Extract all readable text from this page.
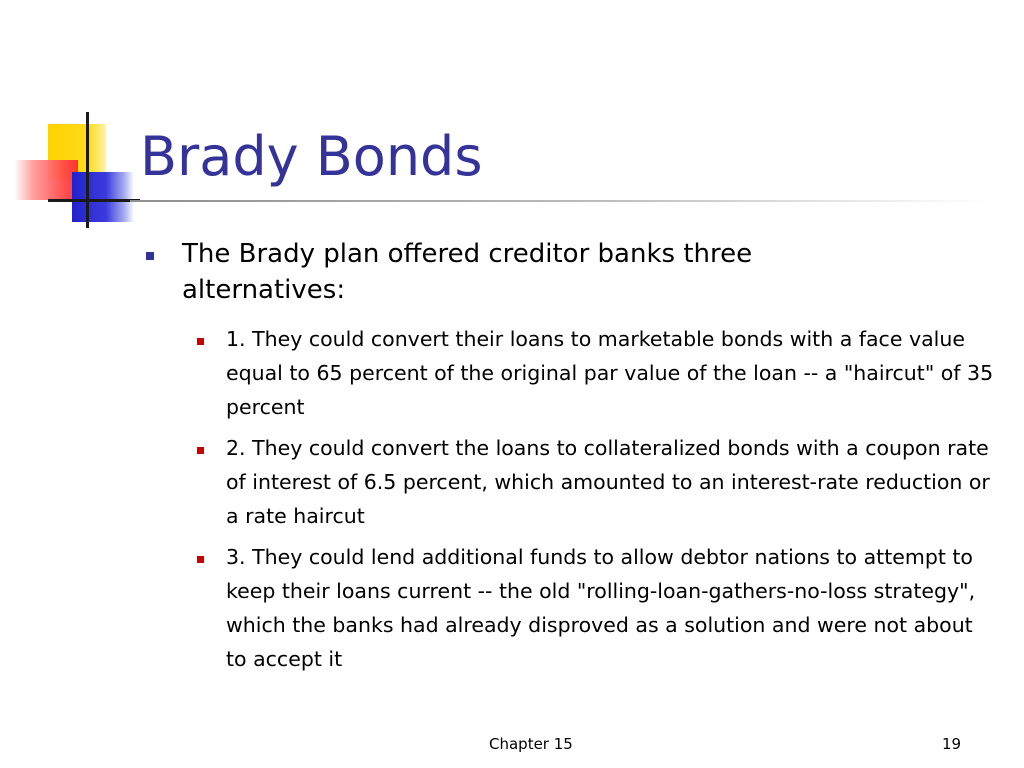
Brady Bonds
The Brady plan offered creditor banks three alternatives:
1. They could convert their loans to marketable bonds with a face value equal to 65 percent of the original par value of the loan -- a "haircut" of 35 percent
2. They could convert the loans to collateralized bonds with a coupon rate of interest of 6.5 percent, which amounted to an interest-rate reduction or a rate haircut
3. They could lend additional funds to allow debtor nations to attempt to keep their loans current -- the old "rolling-loan-gathers-no-loss strategy", which the banks had already disproved as a solution and were not about to accept it
Chapter 15	19
